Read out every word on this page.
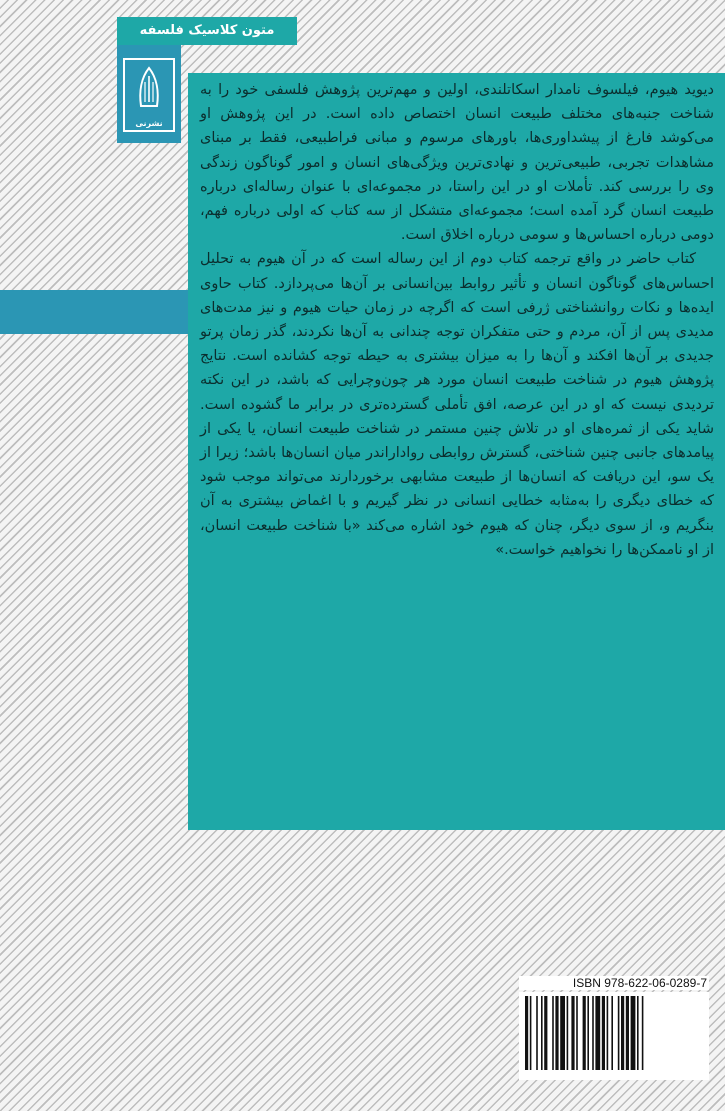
متون کلاسیک فلسفه
نشرنی

دیوید هیوم، فیلسوف نامدار اسکاتلندی، اولین و مهم‌ترین پژوهش فلسفی خود را به شناخت جنبه‌های مختلف طبیعت انسان اختصاص داده است. در این پژوهش او می‌کوشد فارغ از پیشداوری‌ها، باورهای مرسوم و مبانی فراطبیعی، فقط بر مبنای مشاهدات تجربی، طبیعی‌ترین و نهادی‌ترین ویژگی‌های انسان و امور گوناگون زندگی وی را بررسی کند. تأملات او در این راستا، در مجموعه‌ای با عنوان رساله‌ای درباره طبیعت انسان گرد آمده است؛ مجموعه‌ای متشکل از سه کتاب که اولی درباره فهم، دومی درباره احساس‌ها و سومی درباره اخلاق است.

کتاب حاضر در واقع ترجمه کتاب دوم از این رساله است که در آن هیوم به تحلیل احساس‌های گوناگون انسان و تأثیر روابط بین‌انسانی بر آن‌ها می‌پردازد. کتاب حاوی ایده‌ها و نکات روانشناختی ژرفی است که اگرچه در زمان حیات هیوم و نیز مدت‌های مدیدی پس از آن، مردم و حتی متفکران توجه چندانی به آن‌ها نکردند، گذر زمان پرتو جدیدی بر آن‌ها افکند و آن‌ها را به میزان بیشتری به حیطه توجه کشانده است. نتایج پژوهش هیوم در شناخت طبیعت انسان مورد هر چون‌وچرایی که باشد، در این نکته تردیدی نیست که او در این عرصه، افق تأملی گسترده‌تری در برابر ما گشوده است. شاید یکی از ثمره‌های او در تلاش چنین مستمر در شناخت طبیعت انسان، یا یکی از پیامدهای جانبی چنین شناختی، گسترش روابطی رواداراندر میان انسان‌ها باشد؛ زیرا از یک سو، این دریافت که انسان‌ها از طبیعت مشابهی برخوردارند می‌تواند موجب شود که خطای دیگری را به‌مثابه خطایی انسانی در نظر گیریم و با اغماض بیشتری به آن بنگریم و، از سوی دیگر، چنان که هیوم خود اشاره می‌کند «با شناخت طبیعت انسان، از او ناممکن‌ها را نخواهیم خواست.»

ISBN 978-622-06-0289-7
